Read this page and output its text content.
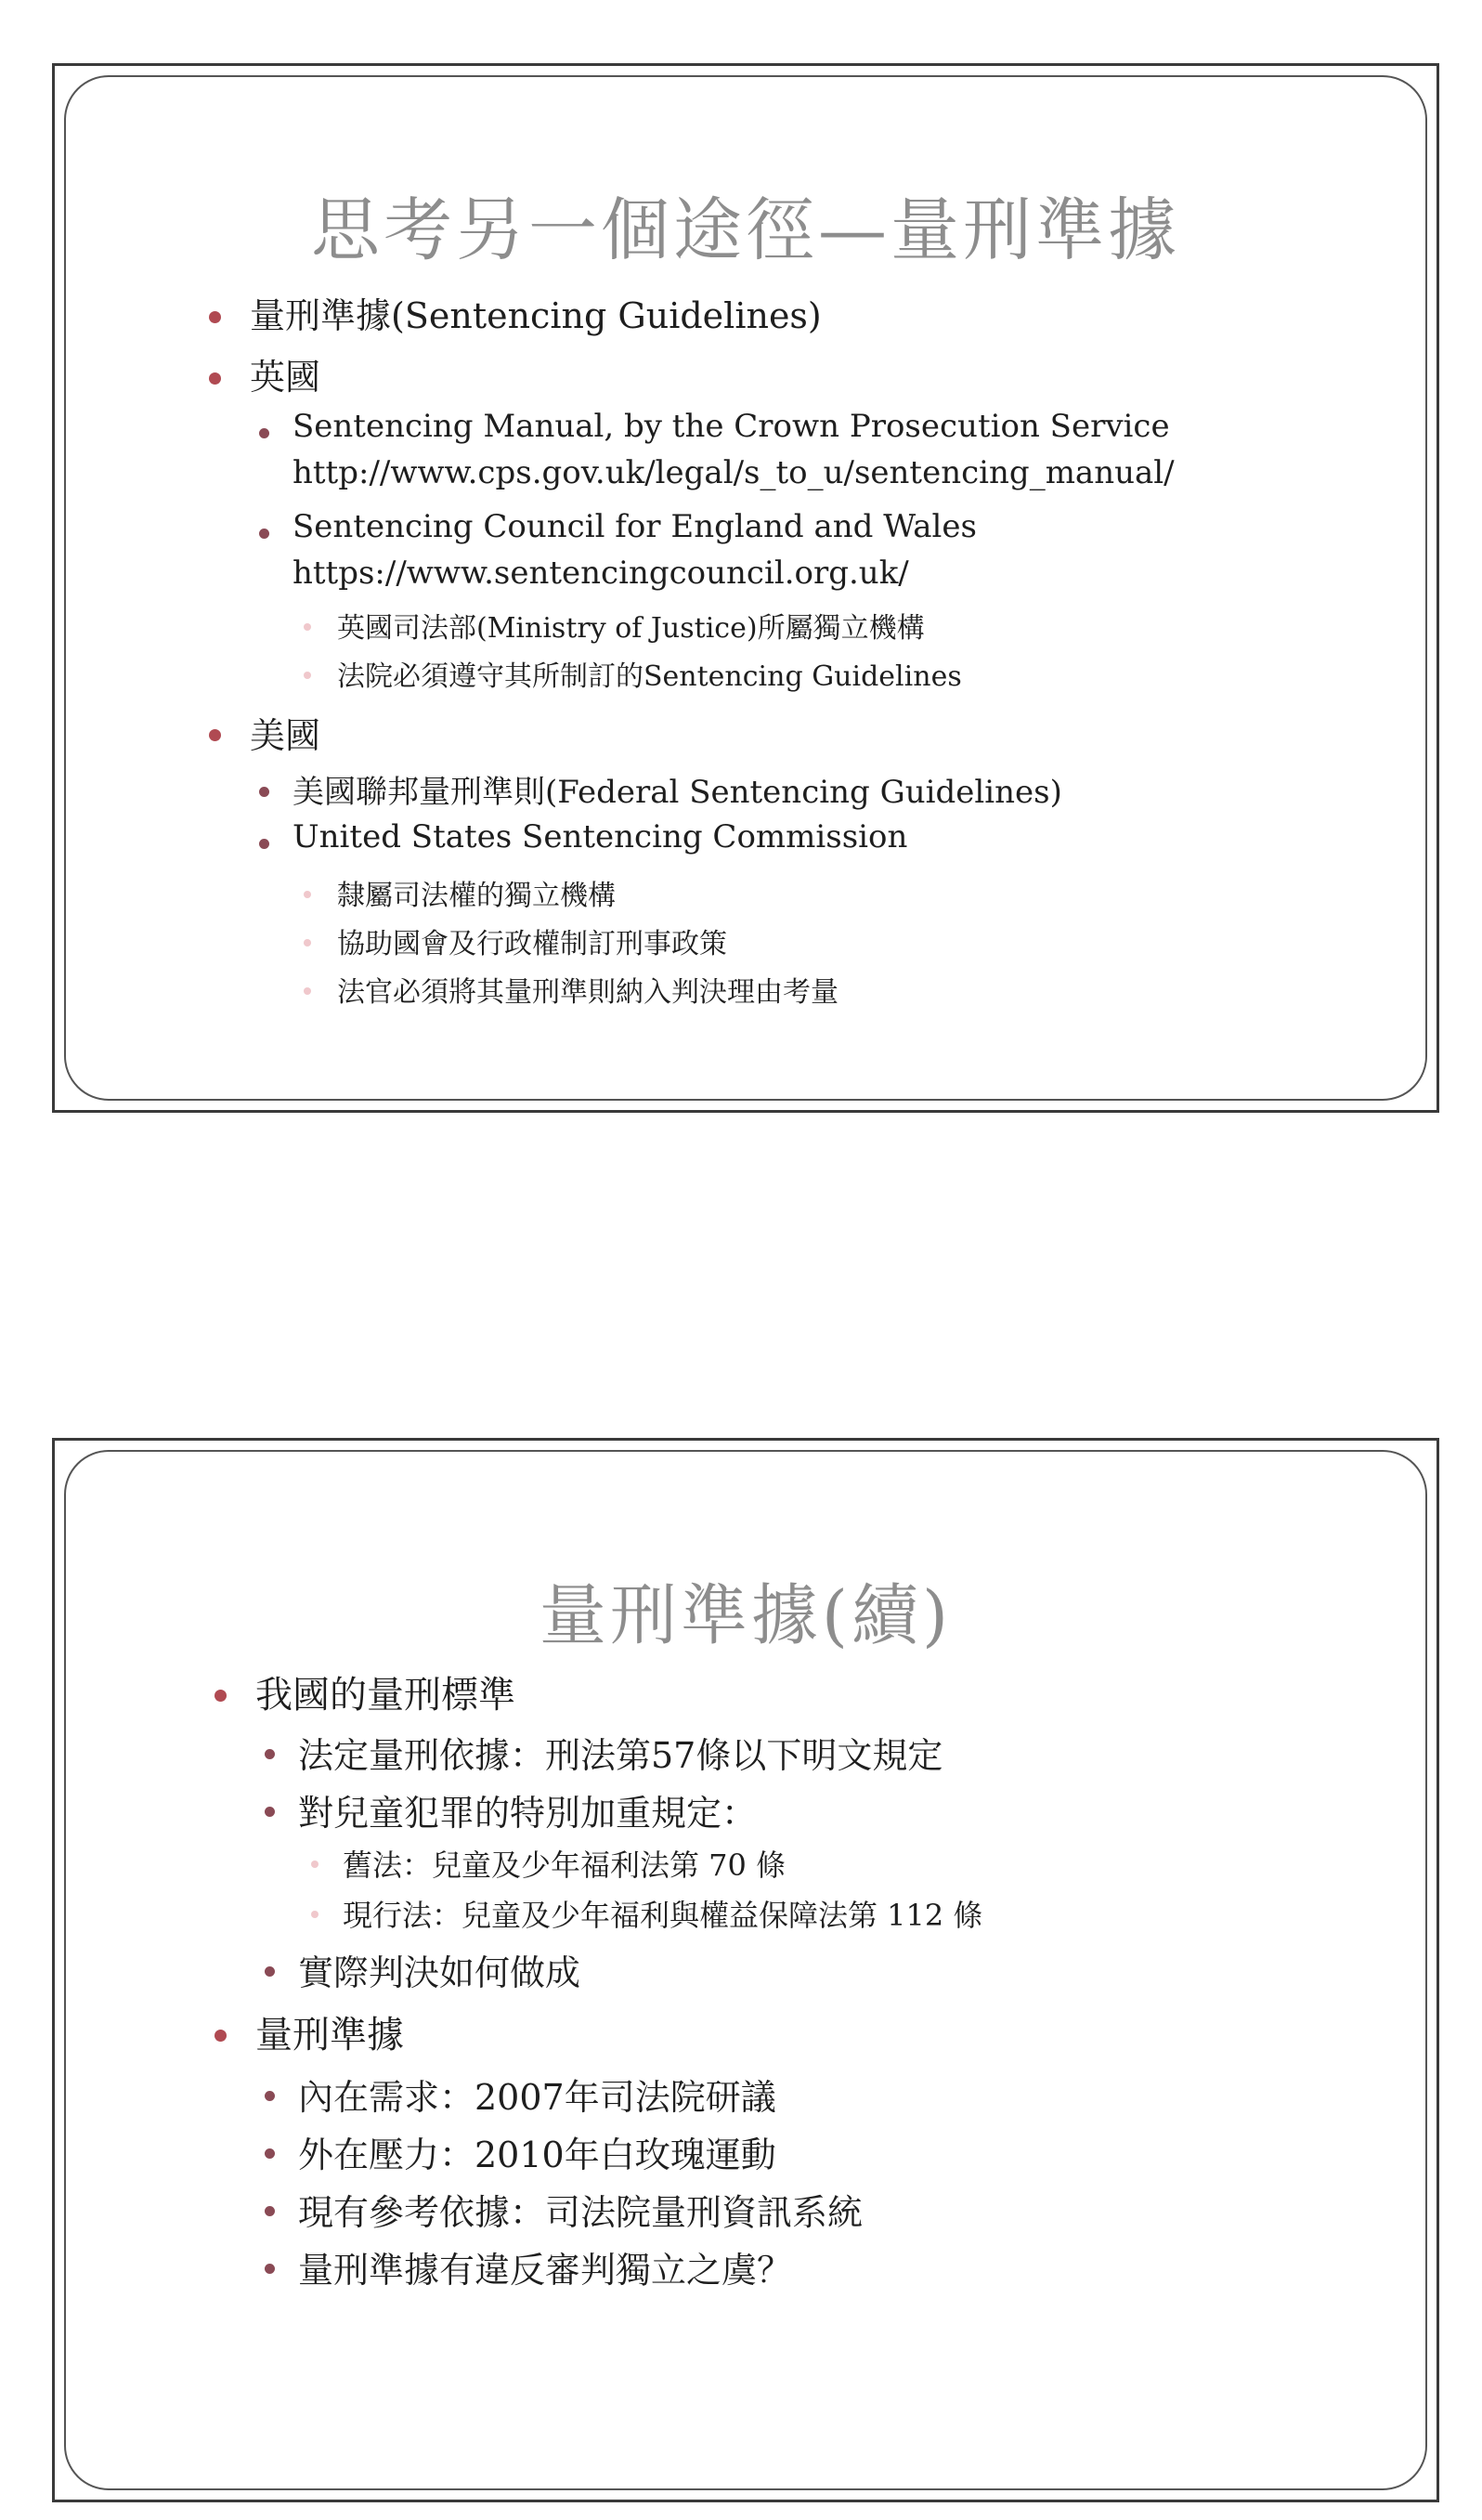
思考另一個途徑—量刑準據
量刑準據(Sentencing Guidelines)
英國
Sentencing Manual, by the Crown Prosecution Service
http://www.cps.gov.uk/legal/s_to_u/sentencing_manual/
Sentencing Council for England and Wales
https://www.sentencingcouncil.org.uk/
英國司法部(Ministry of Justice)所屬獨立機構
法院必須遵守其所制訂的Sentencing Guidelines
美國
美國聯邦量刑準則(Federal Sentencing Guidelines)
United States Sentencing Commission
隸屬司法權的獨立機構
協助國會及行政權制訂刑事政策
法官必須將其量刑準則納入判決理由考量
量刑準據(續)
我國的量刑標準
法定量刑依據：刑法第57條以下明文規定
對兒童犯罪的特別加重規定：
舊法：兒童及少年福利法第 70 條
現行法：兒童及少年福利與權益保障法第 112 條
實際判決如何做成
量刑準據
內在需求：2007年司法院研議
外在壓力：2010年白玫瑰運動
現有參考依據：司法院量刑資訊系統
量刑準據有違反審判獨立之虞？
